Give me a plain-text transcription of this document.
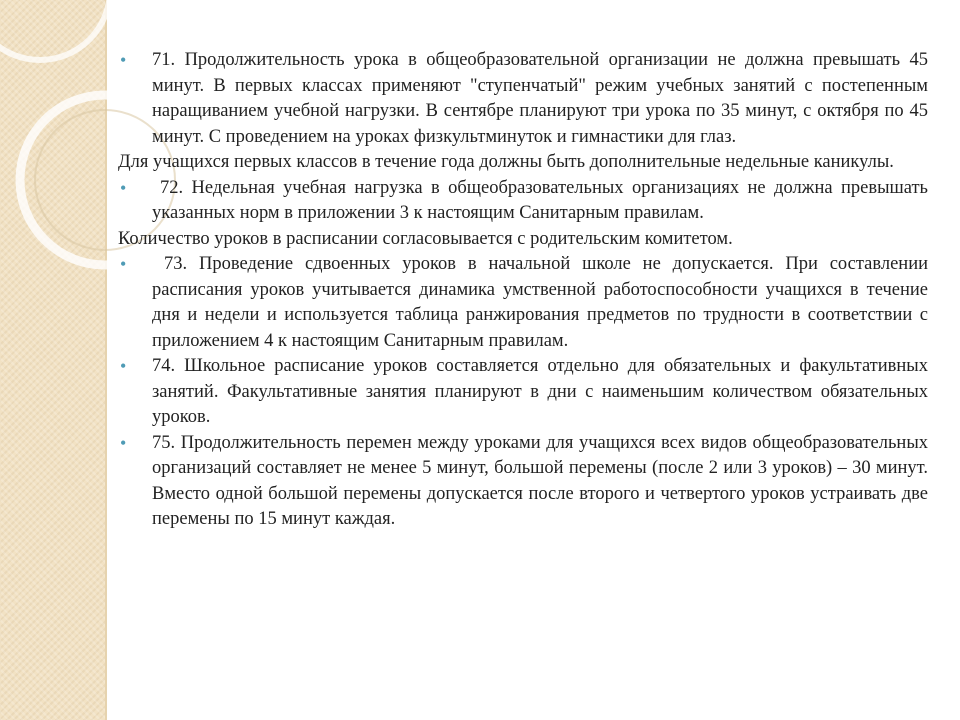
• 71. Продолжительность урока в общеобразовательной организации не должна превышать 45 минут. В первых классах применяют "ступенчатый" режим учебных занятий с постепенным наращиванием учебной нагрузки. В сентябре планируют три урока по 35 минут, с октября по 45 минут. С проведением на уроках физкультминуток и гимнастики для глаз.

Для учащихся первых классов в течение года должны быть дополнительные недельные каникулы.

• 72. Недельная учебная нагрузка в общеобразовательных организациях не должна превышать указанных норм в приложении 3 к настоящим Санитарным правилам.

Количество уроков в расписании согласовывается с родительским комитетом.

• 73. Проведение сдвоенных уроков в начальной школе не допускается. При составлении расписания уроков учитывается динамика умственной работоспособности учащихся в течение дня и недели и используется таблица ранжирования предметов по трудности в соответствии с приложением 4 к настоящим Санитарным правилам.

• 74. Школьное расписание уроков составляется отдельно для обязательных и факультативных занятий. Факультативные занятия планируют в дни с наименьшим количеством обязательных уроков.

• 75. Продолжительность перемен между уроками для учащихся всех видов общеобразовательных организаций составляет не менее 5 минут, большой перемены (после 2 или 3 уроков) – 30 минут. Вместо одной большой перемены допускается после второго и четвертого уроков устраивать две перемены по 15 минут каждая.
